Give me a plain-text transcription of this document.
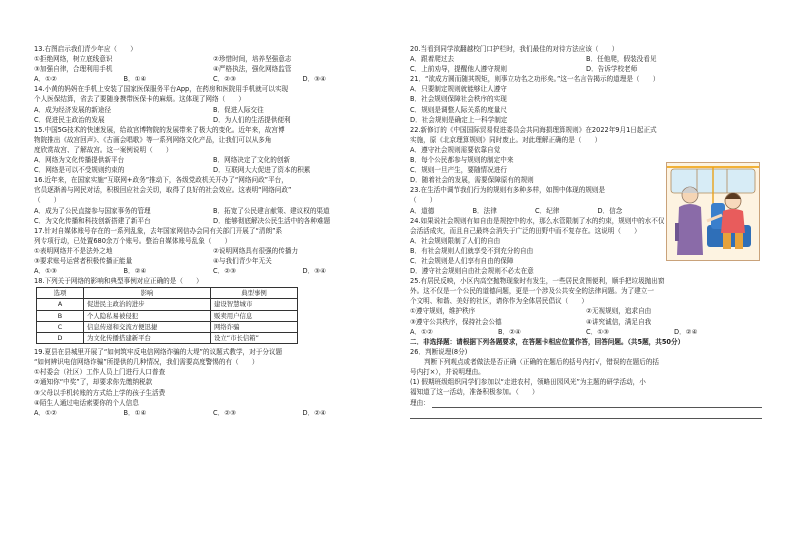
13.右图启示我们青少年应（　　）
①拒绝网络，树立底线意识	②珍惜时间，培养坚强意志
③加强自律，合理利用手机	④严格执法，强化网络监管
A．①②	B．①④	C．②③	D．③④
14.小黄的妈妈在手机上安装了国家医保服务平台App，在药房和医院用手机就可以实现
个人医保结算，省去了要随身携带医保卡的麻烦。这体现了网络（　　）
A．成为经济发展的新途径	B．促进人际交往
C．促进民主政治的发展	D．为人们的生活提供便利
15.中国5G技术的快速发展，给故宫博物院的发展带来了极大的变化。近年来，故宫博
物院推出《故宫回声》、《古画会唱歌》等一系列网络文化产品，让我们可以从多角
度欣赏故宫、了解故宫。这一案例说明（　　）
A．网络为文化传播提供新平台	B．网络决定了文化的创新
C．网络是可以不受规则约束的	D．互联网大大促进了资本的积累
16.近年来，在国家实施“互联网+政务”推动下，各级党政机关开办了“网络问政”平台，
官员逐渐善与网民对话，积极回应社会关切，取得了良好的社会效应。这表明“网络问政”
（　　）
A．成为了公民直接参与国家事务的管理	B．拓宽了公民建言献策、建议权的渠道
C．为文化传播和科技创新搭建了新平台	D．能够彻底解决公民生活中的各种难题
17.针对自媒体账号存在的一系列乱象，去年国家网信办会同有关部门开展了“清朗”系
列专项行动，已处置680余万个账号。整治自媒体账号乱象（　　）
①表明网络并不是法外之地	②说明网络具有很强的传播力
③要求账号运营者积极传播正能量	④与我们青少年无关
A．①③	B．②④	C．②③	D．③④
18.下列关于网络的影响和典型事例对应正确的是（　　）
选项	影响	典型事例
A	促进民主政治的进步	建设智慧城市
B	个人隐私易被侵犯	贩卖用户信息
C	信息传递和交流方便迅捷	网络诈骗
D	为文化传播搭建新平台	设立“市长信箱”
19.夏县在县城里开展了“如何筑牢反电信网络诈骗的大堤”的议题式教学，对于分议题
“如何辨识电信网络诈骗”所提供的几种情况，我们需要高度警惕的有（　　）
①村委会（社区）工作人员上门进行人口普查
②通知你“中奖”了，却要求你先缴纳税款
③父母以手机转账的方式给上学的孩子生活费
④陌生人通过电话索要你的个人信息
A．①②	B．①④	C．②③	D．②④
20.当看到同学欲翻越校门口护栏时，我们最佳的对待方法应该（　　）
A．跟着爬过去	B．任他爬，假装没看见
C．上前劝导，提醒他人遵守规则	D．告诉学校老师
21．“欲成方圆而随其规矩，则事立功名之功形矣。”这一名言告揭示的道理是（　　）
A．只要制定规则就能够让人遵守
B．社会规则保障社会秩序的实现
C．规则是调整人际关系的度量尺
D．社会规则是确定上一科学制定
22.新修订的《中国国际贸易促进委员会共同海损理算规则》在2022年9月1日起正式
实施，原《北京理算规则》同时废止。对此理解正确的是（　　）
A．遵守社会规则需要依靠自觉
B．每个公民都参与规则的制定中来
C．规则一旦产生，要随情况进行
D．随着社会的发展，需要保障原有的规则
23.在生活中调节我们行为的规则有多种多样，如图中体现的规则是
（　　）
A．道德	B．法律	C．纪律	D．信念
24.如果说社会规则有如自由是规控中的水，那么水管限制了水的约束，规则中的水不仅
会活活成灾，而且自己最终会消失于广泛的田野中而不复存在。这说明（　　）
A．社会规则限制了人们的自由
B．有社会规则人们就享受不到充分的自由
C．社会规则是人们享有自由的保障
D．遵守社会规则自由社会规则不必太在意
25.有居民反映，小区内高空抛物现象时有发生，一些居民贪图便利，顺手把垃圾抛出窗
外。这不仅是一个公民的道德问题，更是一个涉及公共安全的法律问题。为了建立一
个文明、和谐、美好的社区，请你作为全体居民倡议（　　）
①遵守规则，维护秩序	②无视规则，追求自由
③遵守公共秩序，保持社会公德	④讲究诚信，满足自我
A．①②	B．②④	C．①③	D．②④
二．非选择题：请根据下列各题要求，在答题卡相应位置作答，回答问题。（共5题，共50分）
26．判断说理(8分)
判断下列观点或者做法是否正确（正确的在题后的括号内打√，错误的在题后的括
号内打×），并说明理由。
(1) 假期班级组织同学们参加以“走进农村，领略田园风光”为主题的研学活动，小
福知道了这一活动，准备积极参加。（　　）
理由：
